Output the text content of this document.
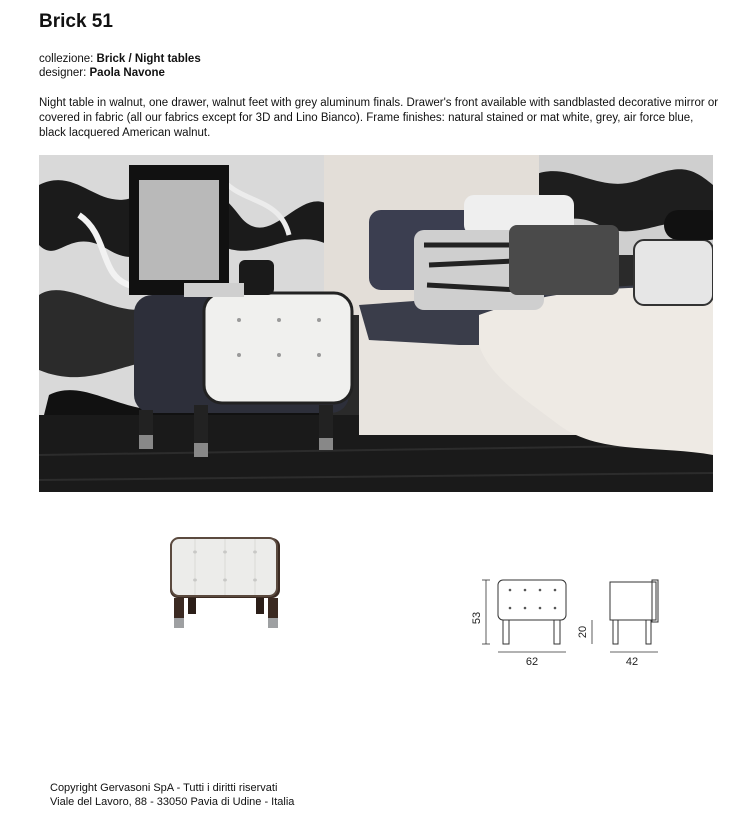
Brick 51
collezione: Brick / Night tables
designer: Paola Navone
Night table in walnut, one drawer, walnut feet with grey aluminum finals. Drawer's front available with sandblasted decorative mirror or covered in fabric (all our fabrics except for 3D and Lino Bianco). Frame finishes: natural stained or mat white, grey, air force blue, black lacquered American walnut.
53
62
20
42
Copyright Gervasoni SpA - Tutti i diritti riservati
Viale del Lavoro, 88 - 33050 Pavia di Udine - Italia
